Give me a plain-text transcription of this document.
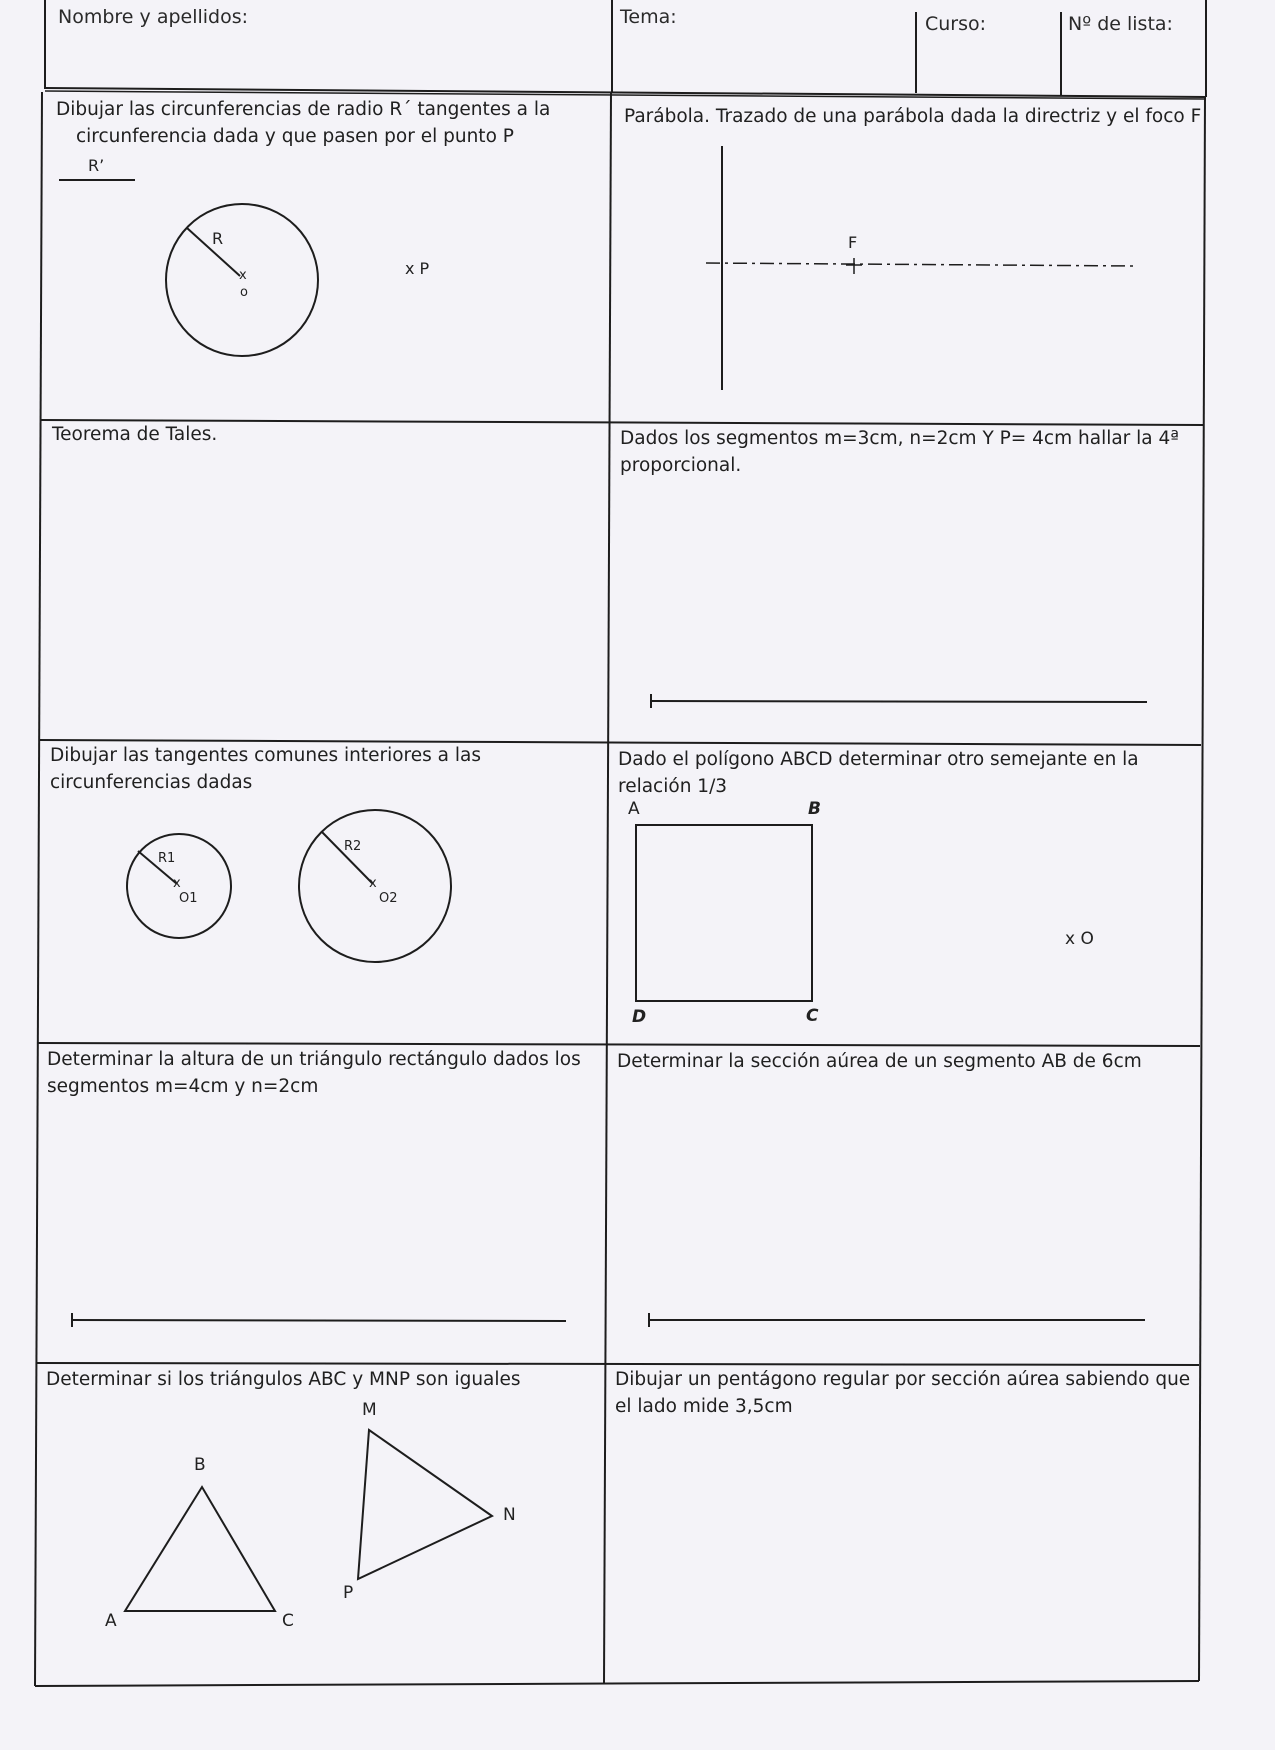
Nombre y apellidos:	Tema:	Curso:	Nº de lista:
Dibujar las circunferencias de radio R´ tangentes a la
circunferencia dada y que pasen por el punto P
R’
R
x
o
x P
Parábola. Trazado de una parábola dada la directriz y el foco F
F
Teorema de Tales.	Dados los segmentos m=3cm, n=2cm Y P= 4cm hallar la 4ª
proporcional.
Dibujar las tangentes comunes interiores a las
circunferencias dadas
R1
x
O1
R2
x
O2
Dado el polígono ABCD determinar otro semejante en la
relación 1/3
A	B
C
D
x O
Determinar la altura de un triángulo rectángulo dados los
segmentos m=4cm y n=2cm
Determinar la sección aúrea de un segmento AB de 6cm
Determinar si los triángulos ABC y MNP son iguales
B
A	C
M
N
P
Dibujar un pentágono regular por sección aúrea sabiendo que
el lado mide 3,5cm
